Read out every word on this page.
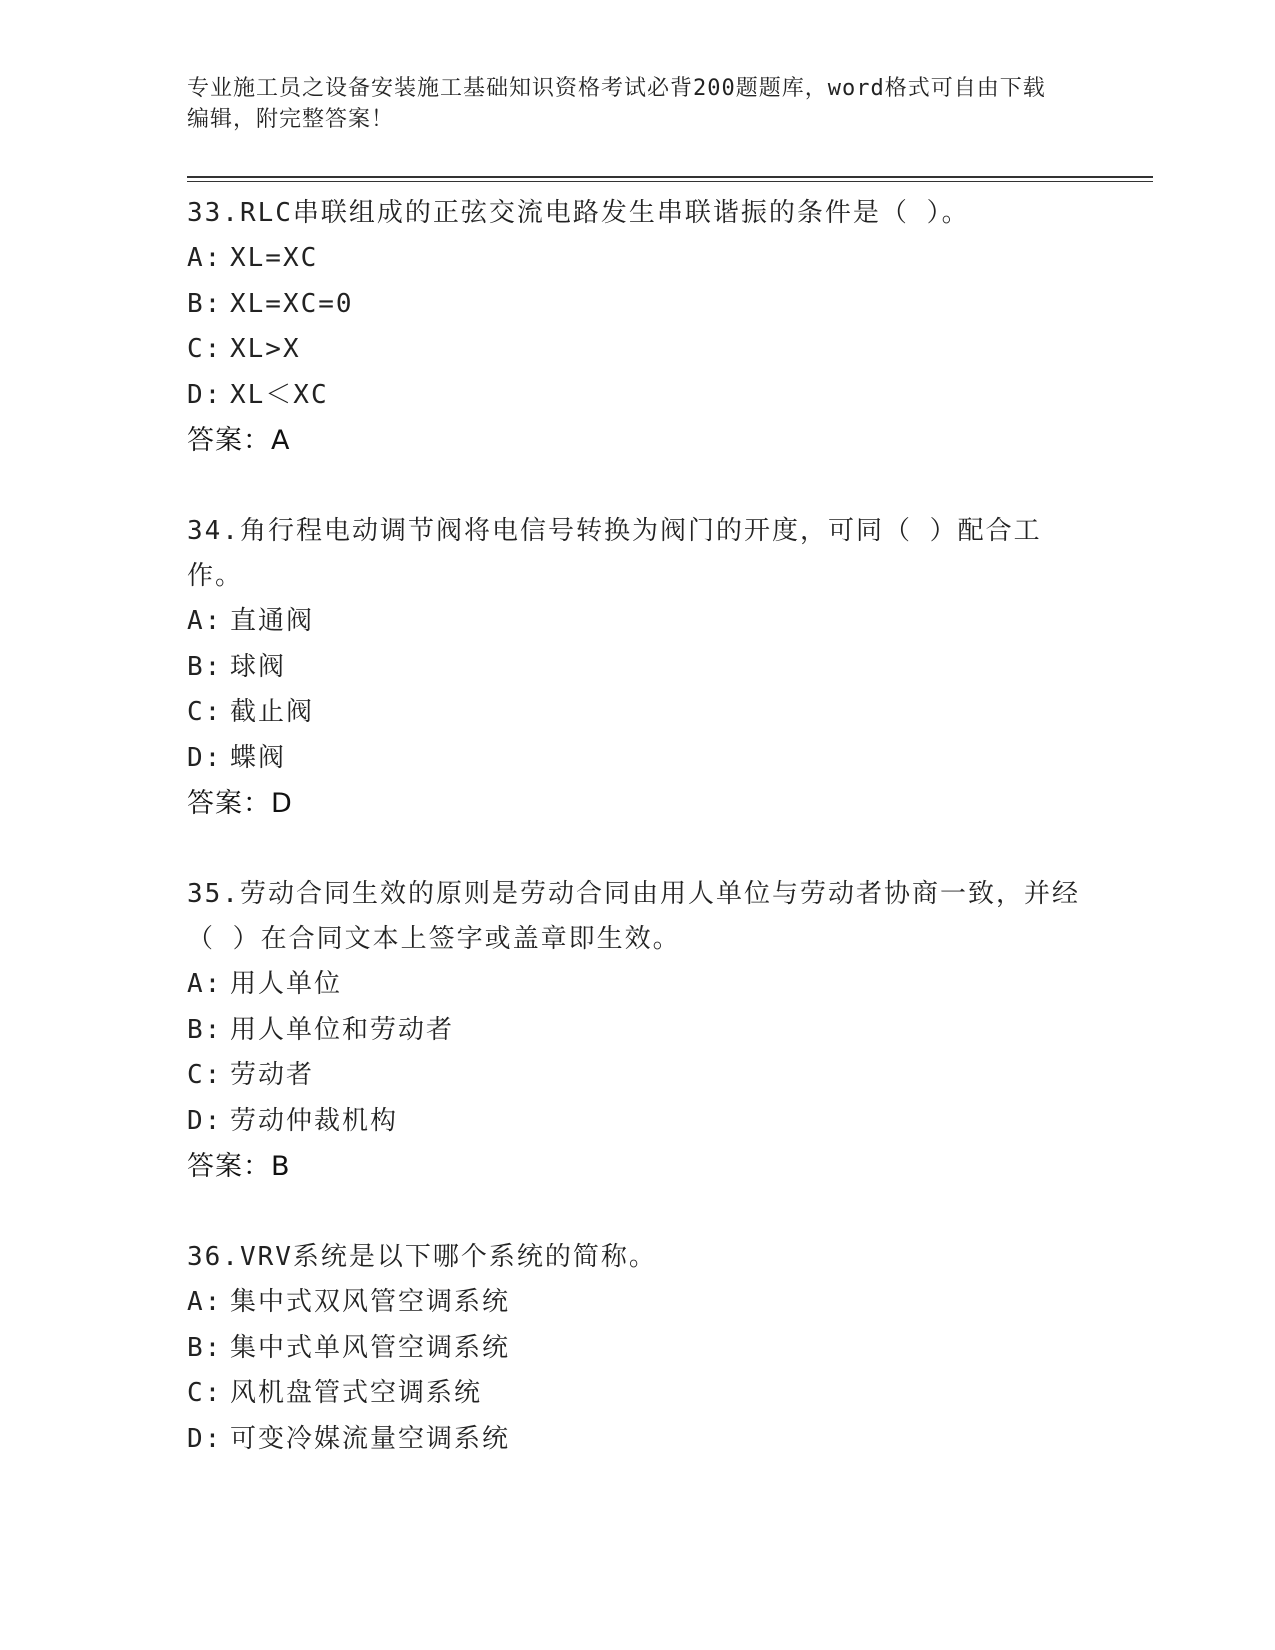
专业施工员之设备安装施工基础知识资格考试必背200题题库，word格式可自由下载编辑，附完整答案！

33.RLC串联组成的正弦交流电路发生串联谐振的条件是（ ）。

A: XL=XC

B: XL=XC=0

C: XL>X

D: XL＜XC

答案：A

34.角行程电动调节阀将电信号转换为阀门的开度，可同（ ）配合工作。

A: 直通阀

B: 球阀

C: 截止阀

D: 蝶阀

答案：D

35.劳动合同生效的原则是劳动合同由用人单位与劳动者协商一致，并经（ ）在合同文本上签字或盖章即生效。

A: 用人单位

B: 用人单位和劳动者

C: 劳动者

D: 劳动仲裁机构

答案：B

36.VRV系统是以下哪个系统的简称。

A: 集中式双风管空调系统

B: 集中式单风管空调系统

C: 风机盘管式空调系统

D: 可变冷媒流量空调系统
